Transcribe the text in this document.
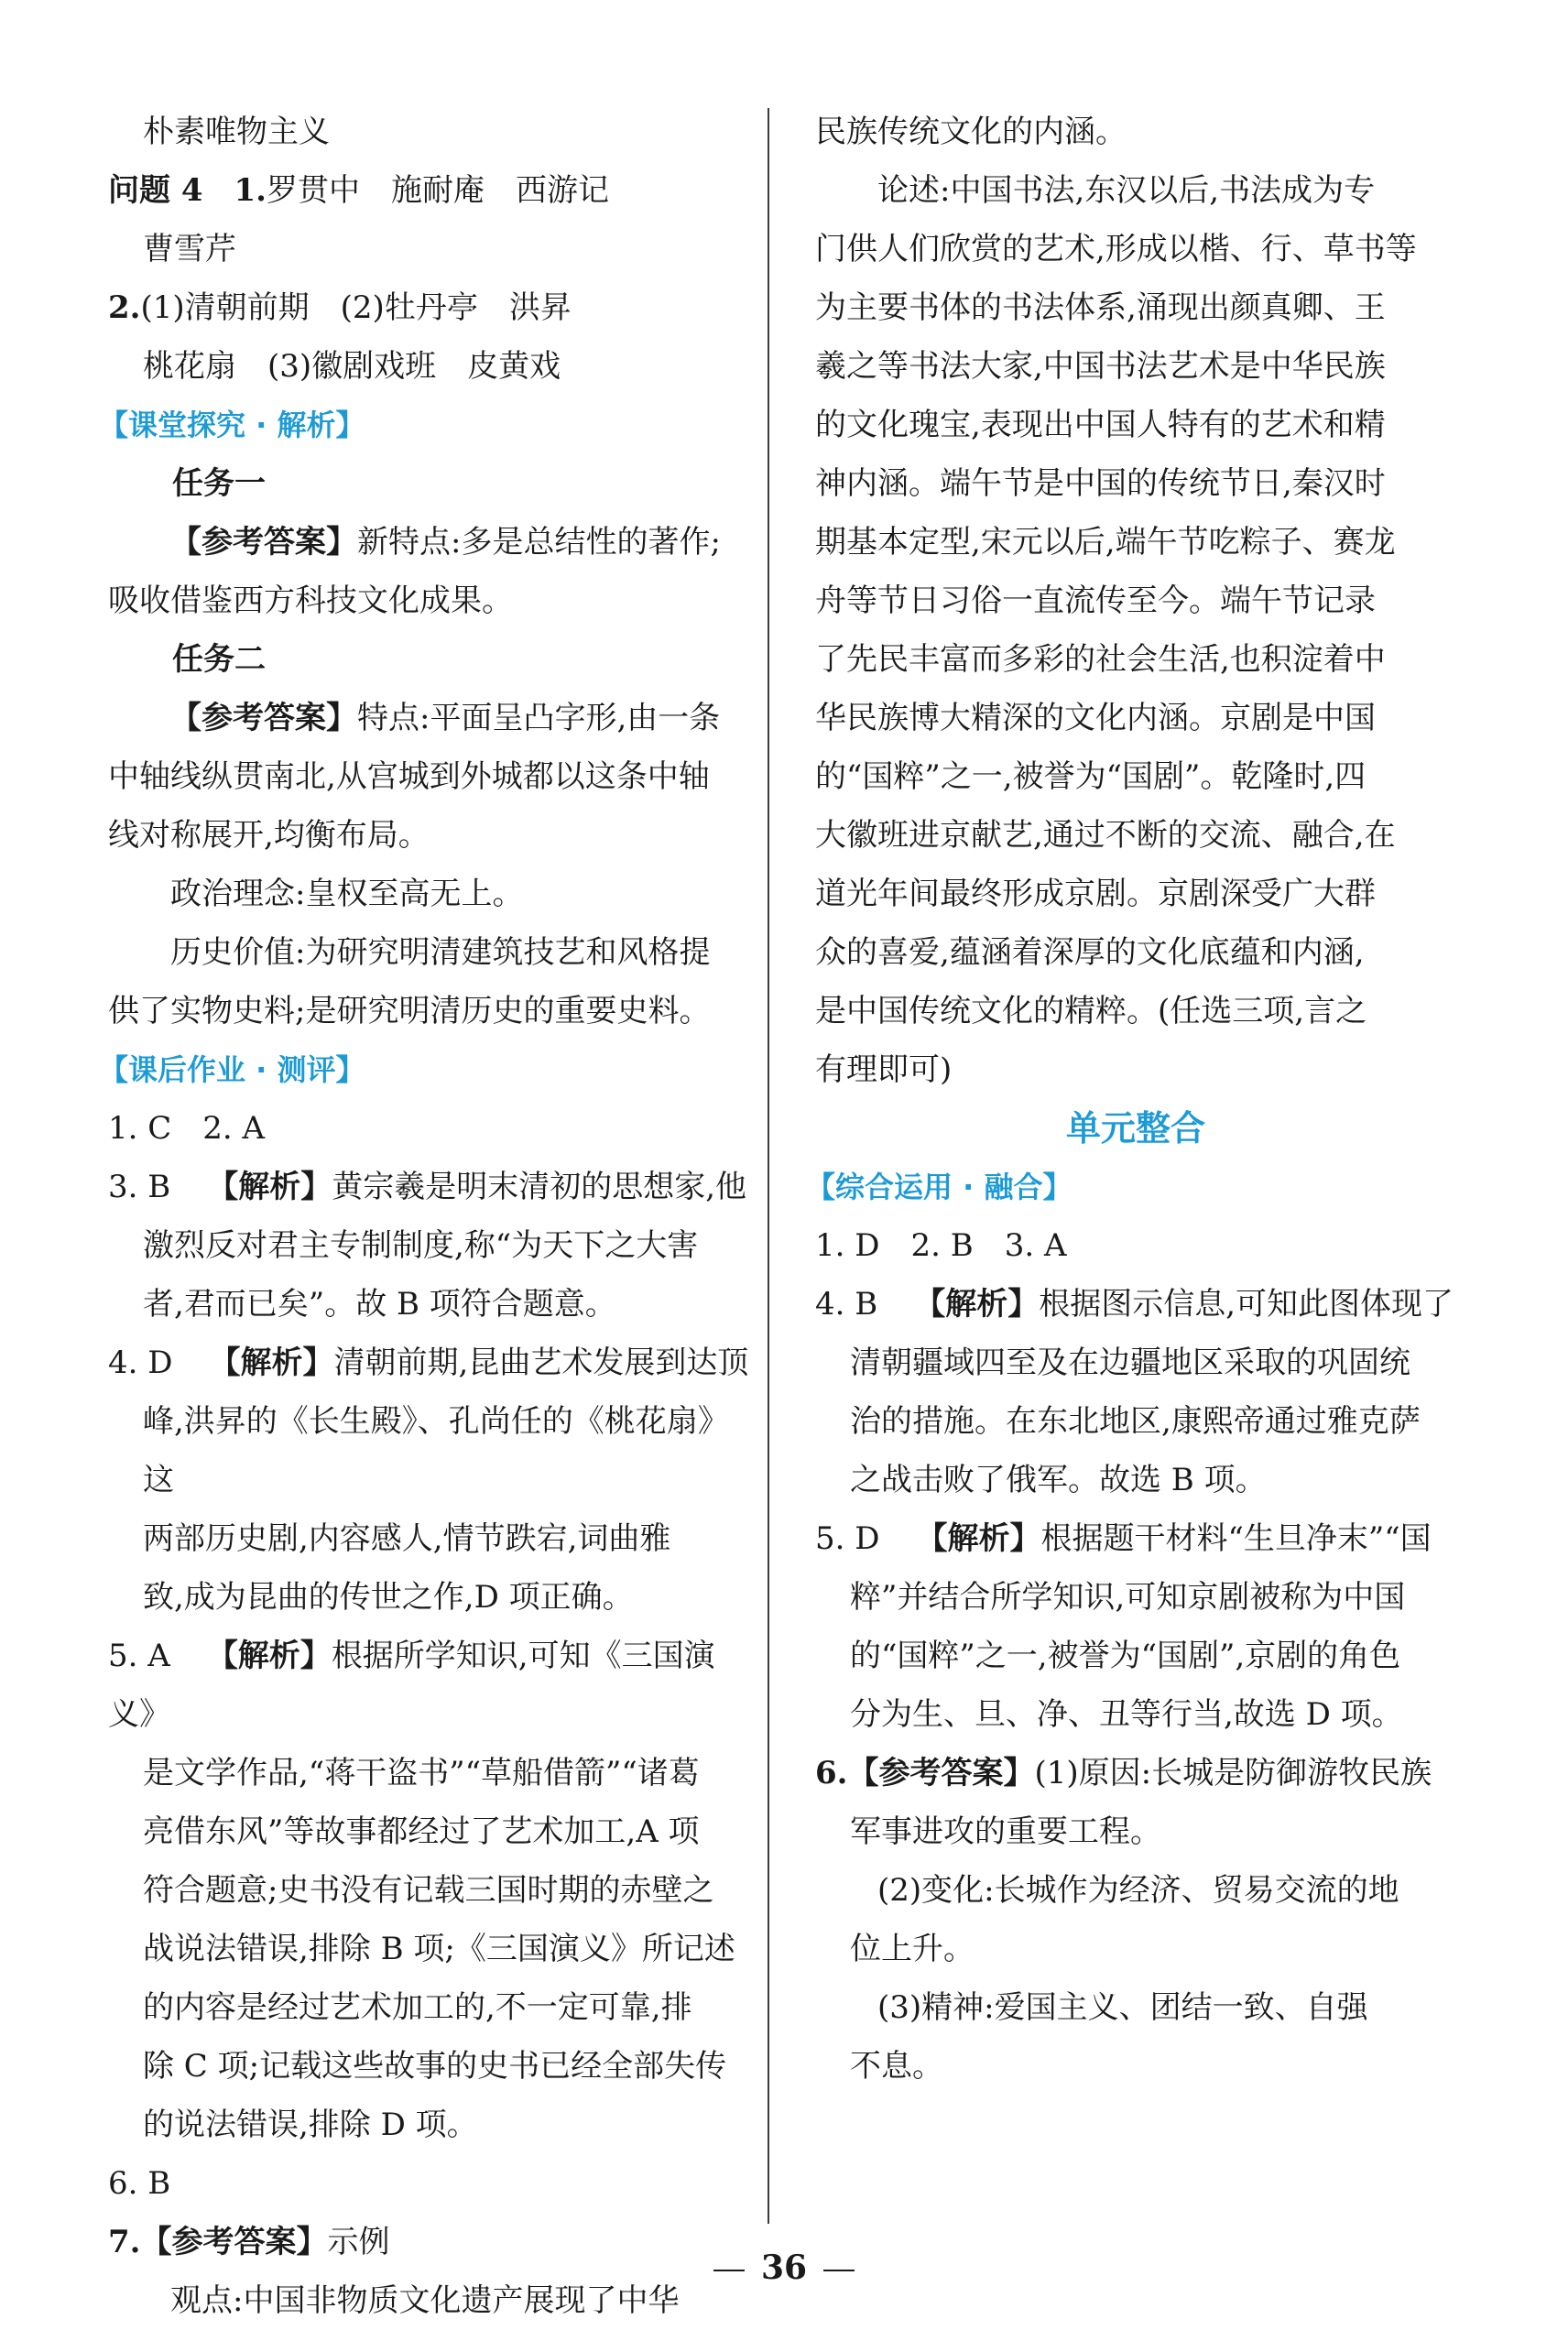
朴素唯物主义

问题 4　 1.罗贯中　施耐庵　西游记

曹雪芹

2.(1)清朝前期　(2)牡丹亭　洪昇

桃花扇　(3)徽剧戏班　皮黄戏

【课堂探究 · 解析】

任务一

【参考答案】新特点:多是总结性的著作;

吸收借鉴西方科技文化成果。

任务二

【参考答案】特点:平面呈凸字形,由一条

中轴线纵贯南北,从宫城到外城都以这条中轴

线对称展开,均衡布局。

政治理念:皇权至高无上。

历史价值:为研究明清建筑技艺和风格提

供了实物史料;是研究明清历史的重要史料。

【课后作业 · 测评】

1. C　2. A

3. B 【解析】黄宗羲是明末清初的思想家,他

激烈反对君主专制制度,称“为天下之大害

者,君而已矣”。故 B 项符合题意。

4. D 【解析】清朝前期,昆曲艺术发展到达顶

峰,洪昇的《长生殿》、孔尚任的《桃花扇》这

两部历史剧,内容感人,情节跌宕,词曲雅

致,成为昆曲的传世之作,D 项正确。

5. A 【解析】根据所学知识,可知《三国演义》

是文学作品,“蒋干盗书”“草船借箭”“诸葛

亮借东风”等故事都经过了艺术加工,A 项

符合题意;史书没有记载三国时期的赤壁之

战说法错误,排除 B 项;《三国演义》所记述

的内容是经过艺术加工的,不一定可靠,排

除 C 项;记载这些故事的史书已经全部失传

的说法错误,排除 D 项。

6. B

7.【参考答案】示例

观点:中国非物质文化遗产展现了中华

民族传统文化的内涵。

论述:中国书法,东汉以后,书法成为专

门供人们欣赏的艺术,形成以楷、行、草书等

为主要书体的书法体系,涌现出颜真卿、王

羲之等书法大家,中国书法艺术是中华民族

的文化瑰宝,表现出中国人特有的艺术和精

神内涵。端午节是中国的传统节日,秦汉时

期基本定型,宋元以后,端午节吃粽子、赛龙

舟等节日习俗一直流传至今。端午节记录

了先民丰富而多彩的社会生活,也积淀着中

华民族博大精深的文化内涵。京剧是中国

的“国粹”之一,被誉为“国剧”。乾隆时,四

大徽班进京献艺,通过不断的交流、融合,在

道光年间最终形成京剧。京剧深受广大群

众的喜爱,蕴涵着深厚的文化底蕴和内涵,

是中国传统文化的精粹。(任选三项,言之

有理即可)

单元整合

【综合运用 · 融合】

1. D　2. B　3. A

4. B 【解析】根据图示信息,可知此图体现了

清朝疆域四至及在边疆地区采取的巩固统

治的措施。在东北地区,康熙帝通过雅克萨

之战击败了俄军。故选 B 项。

5. D 【解析】根据题干材料“生旦净末”“国

粹”并结合所学知识,可知京剧被称为中国

的“国粹”之一,被誉为“国剧”,京剧的角色

分为生、旦、净、丑等行当,故选 D 项。

6.【参考答案】(1)原因:长城是防御游牧民族

军事进攻的重要工程。

(2)变化:长城作为经济、贸易交流的地

位上升。

(3)精神:爱国主义、团结一致、自强

不息。

36
